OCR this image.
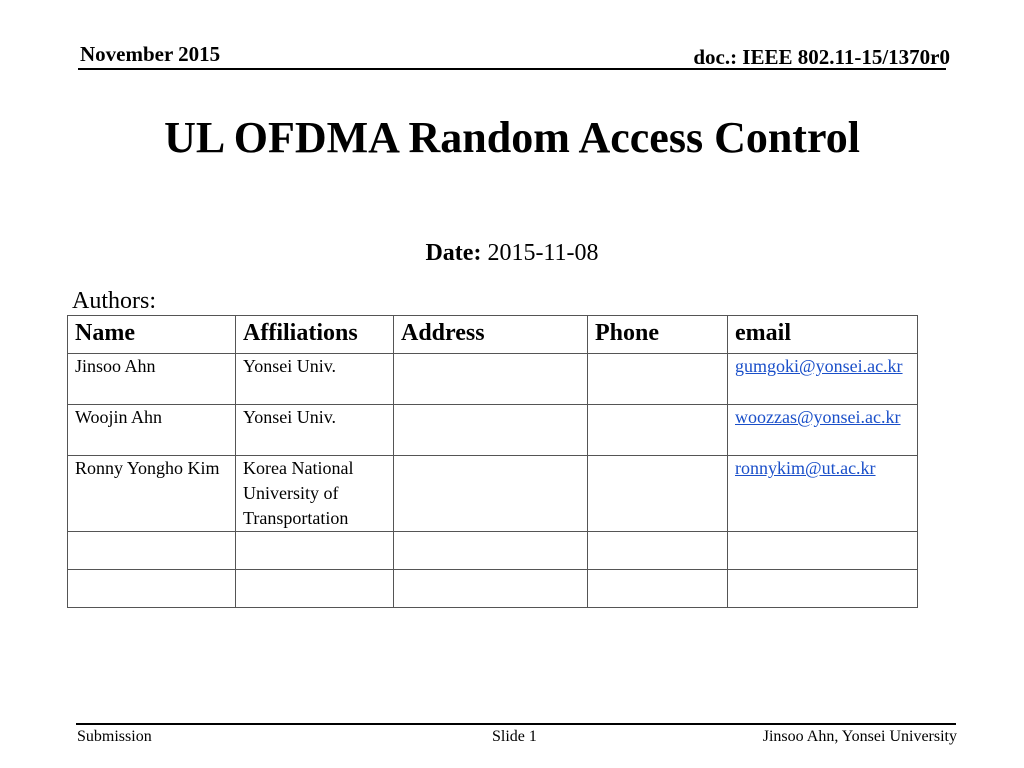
November 2015	doc.: IEEE 802.11-15/1370r0
UL OFDMA Random Access Control
Date: 2015-11-08
Authors:
Name	Affiliations	Address	Phone	email
Jinsoo Ahn	Yonsei Univ.			gumgoki@yonsei.ac.kr
Woojin Ahn	Yonsei Univ.			woozzas@yonsei.ac.kr
Ronny Yongho Kim	Korea National University of Transportation			ronnykim@ut.ac.kr

Submission	Slide 1	Jinsoo Ahn, Yonsei University
